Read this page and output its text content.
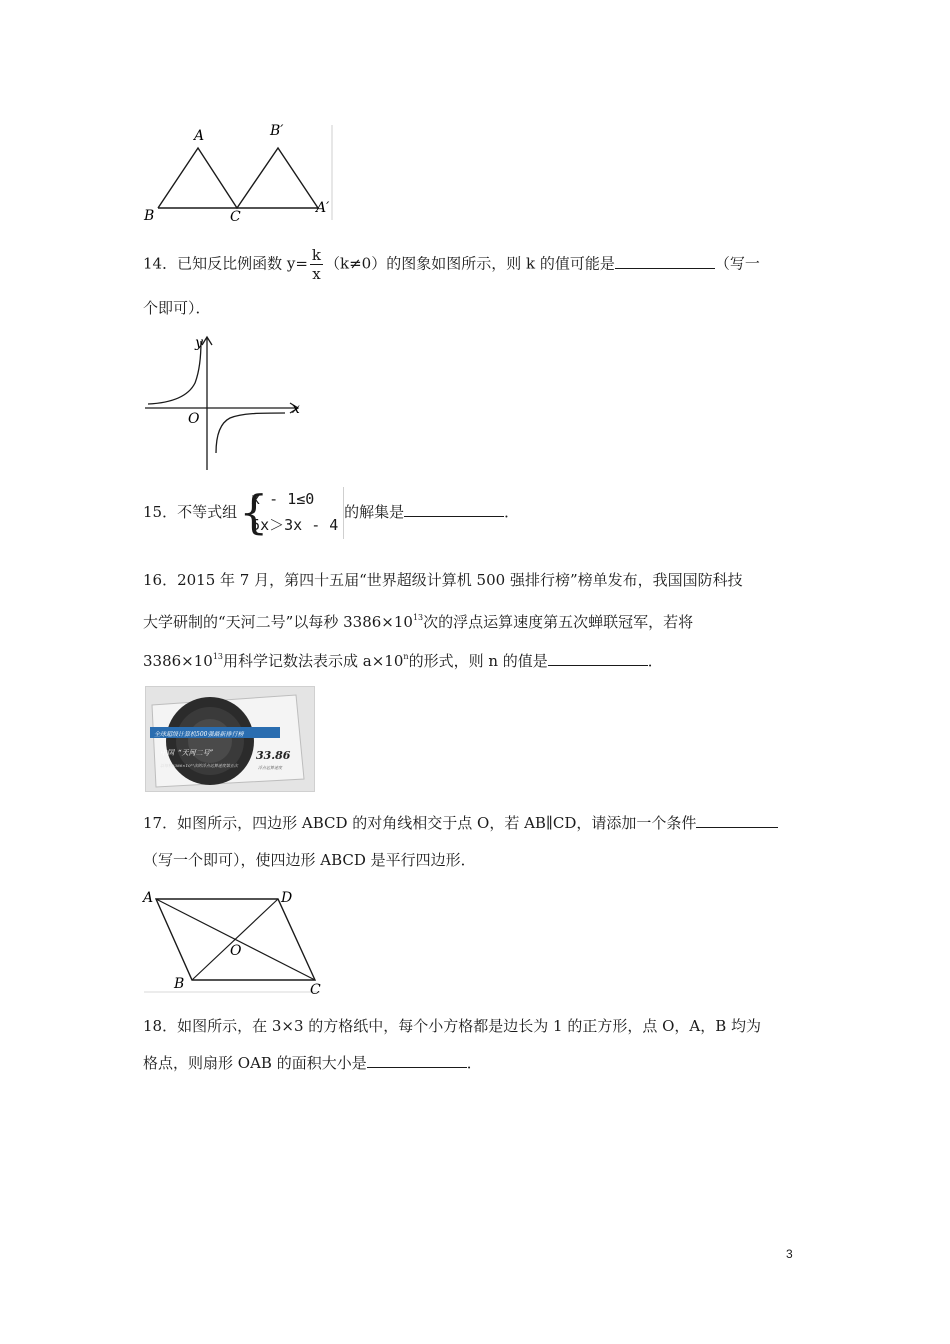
A	B′
B	C
A′
14．已知反比例函数 $y= \frac{k}{x} (k\ne 0)$的图象如图所示，则 k 的值可能是	（写一
个即可）．
y
x
O
15．不等式组 {
x - 1≤0
5x＞3x - 4
的解集是	．
16．2015 年 7 月，第四十五届“世界超级计算机 500 强排行榜”榜单发布，我国国防科技
大学研制的“天河二号”以每秒 $3386\times 10^{13}$次的浮点运算速度第五次蝉联冠军，若将
$3386\times 10^{13}$用科学记数法表示成 $a\times 10^n$的形式，则 n 的值是	．
全球超级计算机500强最新排行榜
中国 “天河二号”
以每秒3386×10¹³次的浮点运算速度第五次
33.86
浮点运算速度
17．如图所示，四边形 ABCD 的对角线相交于点 O，若 AB∥CD，请添加一个条件
（写一个即可），使四边形 ABCD 是平行四边形．
A	D
O
B	C
18．如图所示，在 3×3 的方格纸中，每个小方格都是边长为 1 的正方形，点 O，A，B 均为
格点，则扇形 OAB 的面积大小是	．
3
